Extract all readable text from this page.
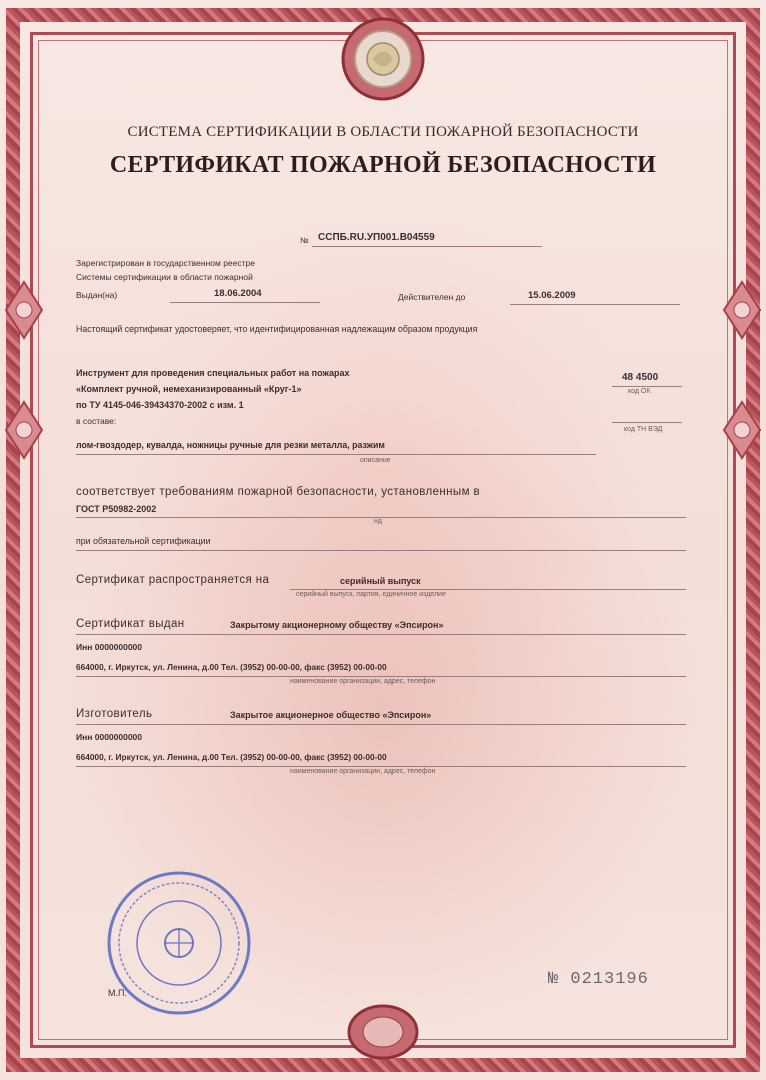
СИСТЕМА СЕРТИФИКАЦИИ В ОБЛАСТИ ПОЖАРНОЙ БЕЗОПАСНОСТИ
СЕРТИФИКАТ ПОЖАРНОЙ БЕЗОПАСНОСТИ
№ ССПБ.RU.УП001.В04559
Зарегистрирован в государственном реестре
Системы сертификации в области пожарной
Выдан(на)	18.06.2004	Действителен до	15.06.2009
Настоящий сертификат удостоверяет, что идентифицированная надлежащим образом продукция
Инструмент для проведения специальных работ на пожарах
«Комплект ручной, немеханизированный «Круг-1»
по ТУ 4145-046-39434370-2002 с изм. 1
в составе:
лом-гвоздодер, кувалда, ножницы ручные для резки металла, разжим
описание
48 4500
код ОК
код ТН ВЭД
соответствует требованиям пожарной безопасности, установленным в
ГОСТ Р50982-2002
нд
при обязательной сертификации
Сертификат распространяется на	серийный выпуск
серийный выпуск, партия, единичное изделие
Сертификат выдан	Закрытому акционерному обществу «Эпсирон»
Инн 0000000000
664000, г. Иркутск, ул. Ленина, д.00 Тел. (3952) 00-00-00, факс (3952) 00-00-00
наименование организации, адрес, телефон
Изготовитель	Закрытое акционерное общество «Эпсирон»
Инн 0000000000
664000, г. Иркутск, ул. Ленина, д.00 Тел. (3952) 00-00-00, факс (3952) 00-00-00
наименование организации, адрес, телефон
М.П.
№ 0213196
